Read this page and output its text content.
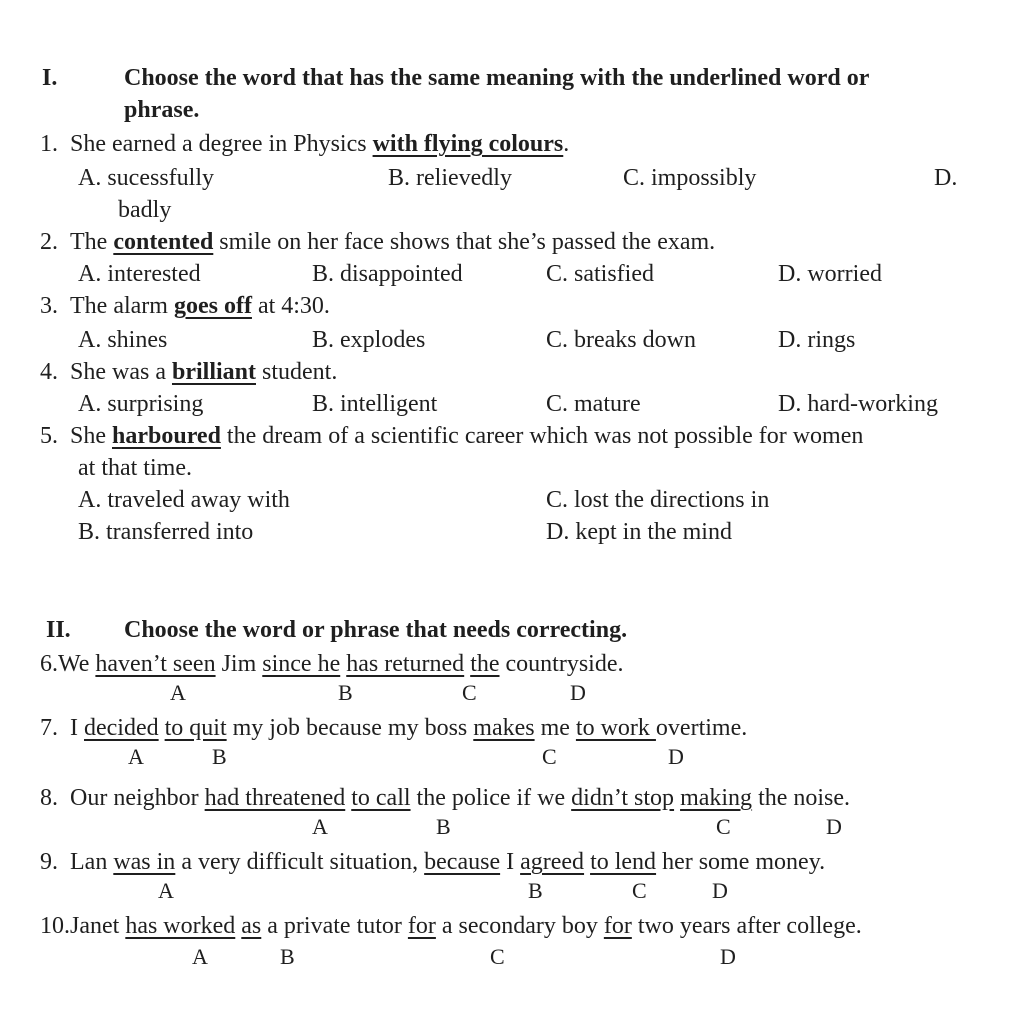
I.	Choose the word that has the same meaning with the underlined word or
phrase.
1. She earned a degree in Physics with flying colours.
A. sucessfully	B. relievedly	C. impossibly	D.
badly
2. The contented smile on her face shows that she’s passed the exam.
A. interested	B. disappointed	C. satisfied	D. worried
3. The alarm goes off at 4:30.
A. shines	B. explodes	C. breaks down	D. rings
4. She was a brilliant student.
A. surprising	B. intelligent	C. mature	D. hard-working
5. She harboured the dream of a scientific career which was not possible for women
at that time.
A. traveled away with	C. lost the directions in
B. transferred into	D. kept in the mind
II. Choose the word or phrase that needs correcting.
6.We haven’t seen Jim since he has returned the countryside.
A	B	C	D
7. I decided to quit my job because my boss makes me to work overtime.
A	B	C	D
8. Our neighbor had threatened to call the police if we didn’t stop making the noise.
A	B	C	D
9. Lan was in a very difficult situation, because I agreed to lend her some money.
A	B	C	D
10.Janet has worked as a private tutor for a secondary boy for two years after college.
A	B	C	D
